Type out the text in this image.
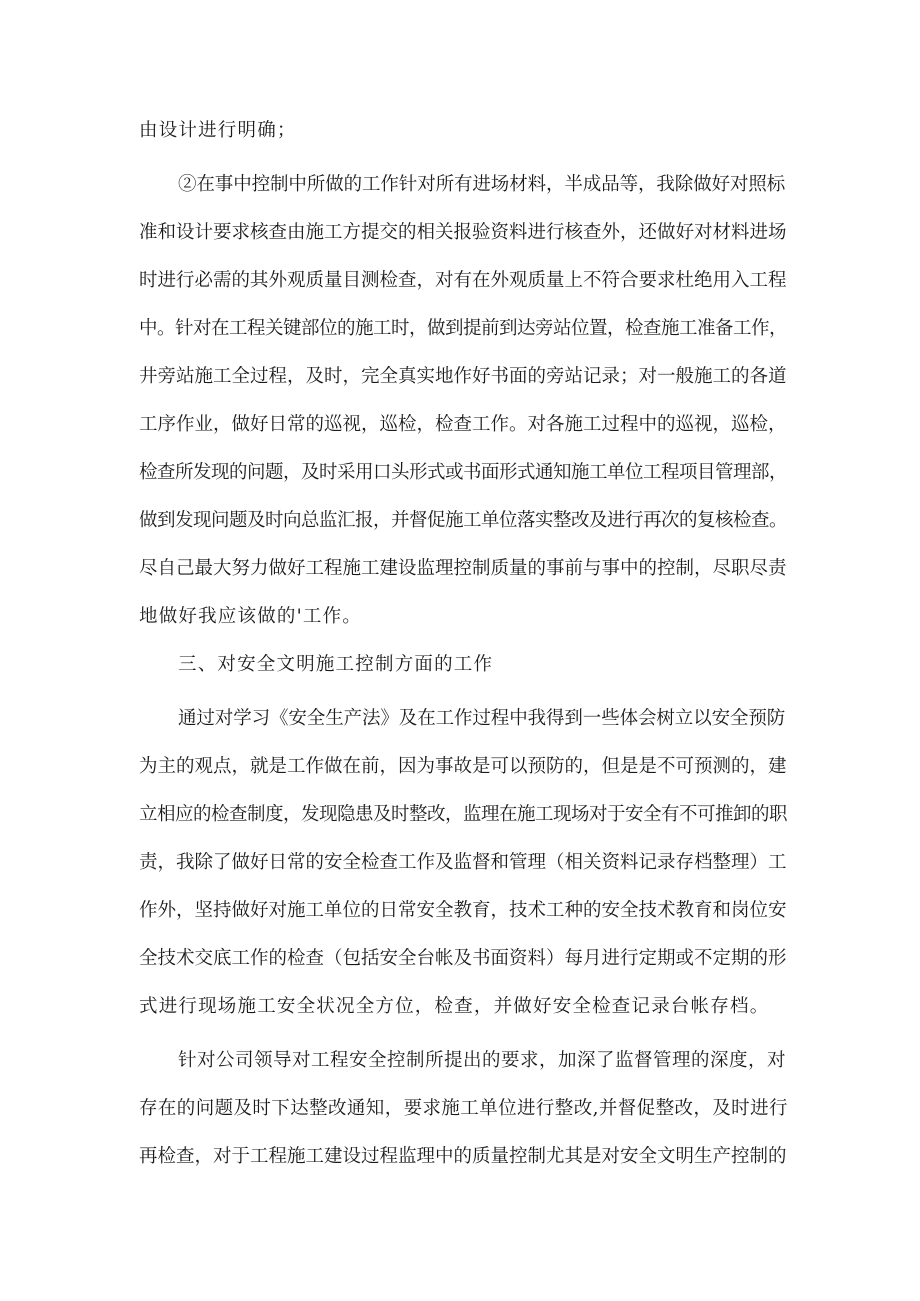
由设计进行明确；
②在事中控制中所做的工作针对所有进场材料，半成品等，我除做好对照标
准和设计要求核查由施工方提交的相关报验资料进行核查外，还做好对材料进场
时进行必需的其外观质量目测检查，对有在外观质量上不符合要求杜绝用入工程
中。针对在工程关键部位的施工时，做到提前到达旁站位置，检查施工准备工作，
井旁站施工全过程，及时，完全真实地作好书面的旁站记录；对一般施工的各道
工序作业，做好日常的巡视，巡检，检查工作。对各施工过程中的巡视，巡检，
检查所发现的问题，及时采用口头形式或书面形式通知施工单位工程项目管理部，
做到发现问题及时向总监汇报，并督促施工单位落实整改及进行再次的复核检查。
尽自己最大努力做好工程施工建设监理控制质量的事前与事中的控制，尽职尽责
地做好我应该做的'工作。
三、对安全文明施工控制方面的工作
通过对学习《安全生产法》及在工作过程中我得到一些体会树立以安全预防
为主的观点，就是工作做在前，因为事故是可以预防的，但是是不可预测的，建
立相应的检查制度，发现隐患及时整改，监理在施工现场对于安全有不可推卸的职
责，我除了做好日常的安全检查工作及监督和管理（相关资料记录存档整理）工
作外，坚持做好对施工单位的日常安全教育，技术工种的安全技术教育和岗位安
全技术交底工作的检查（包括安全台帐及书面资料）每月进行定期或不定期的形
式进行现场施工安全状况全方位，检查，并做好安全检查记录台帐存档。
针对公司领导对工程安全控制所提出的要求，加深了监督管理的深度，对
存在的问题及时下达整改通知，要求施工单位进行整改,并督促整改，及时进行
再检查，对于工程施工建设过程监理中的质量控制尤其是对安全文明生产控制的
